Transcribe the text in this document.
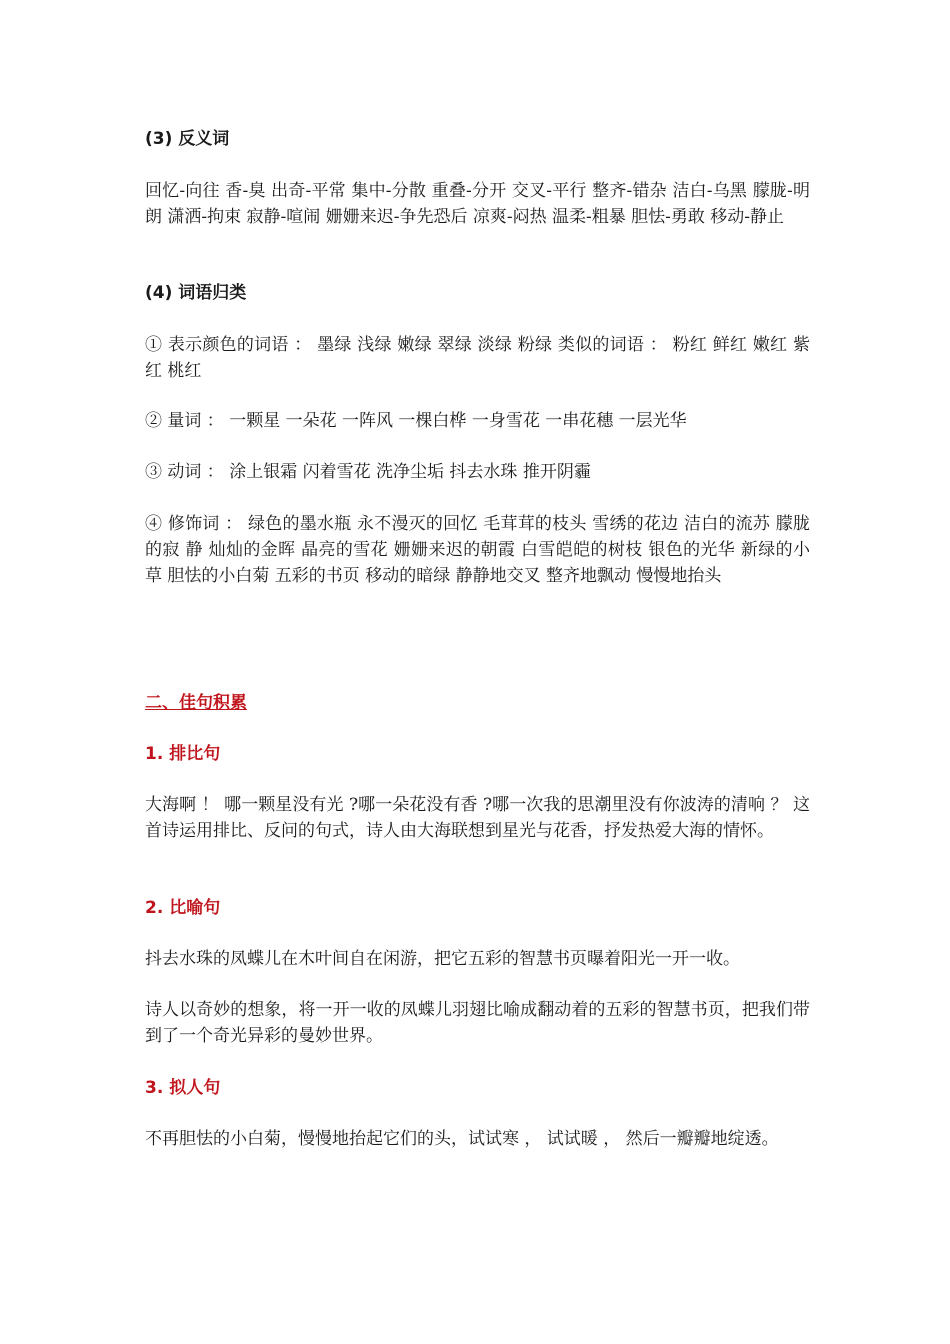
(3) 反义词

回忆-向往 香-臭 出奇-平常 集中-分散 重叠-分开 交叉-平行 整齐-错杂 洁白-乌黑 朦胧-明朗 潇洒-拘束 寂静-喧闹 姗姗来迟-争先恐后 凉爽-闷热 温柔-粗暴 胆怯-勇敢 移动-静止

(4) 词语归类

① 表示颜色的词语 ： 墨绿 浅绿 嫩绿 翠绿 淡绿 粉绿 类似的词语 ： 粉红 鲜红 嫩红 紫红 桃红

② 量词 ： 一颗星 一朵花 一阵风 一棵白桦 一身雪花 一串花穗 一层光华

③ 动词 ： 涂上银霜 闪着雪花 洗净尘垢 抖去水珠 推开阴霾

④ 修饰词 ： 绿色的墨水瓶 永不漫灭的回忆 毛茸茸的枝头 雪绣的花边 洁白的流苏 朦胧的寂 静 灿灿的金晖 晶亮的雪花 姗姗来迟的朝霞 白雪皑皑的树枝 银色的光华 新绿的小草 胆怯的小白菊 五彩的书页 移动的暗绿 静静地交叉 整齐地飘动 慢慢地抬头

二、佳句积累

1. 排比句

大海啊 ！ 哪一颗星没有光 ?哪一朵花没有香 ?哪一次我的思潮里没有你波涛的清响 ？ 这首诗运用排比、反问的句式，诗人由大海联想到星光与花香，抒发热爱大海的情怀。

2. 比喻句

抖去水珠的凤蝶儿在木叶间自在闲游，把它五彩的智慧书页曝着阳光一开一收。

诗人以奇妙的想象，将一开一收的凤蝶儿羽翅比喻成翻动着的五彩的智慧书页，把我们带到了一个奇光异彩的曼妙世界。

3. 拟人句

不再胆怯的小白菊，慢慢地抬起它们的头，试试寒 ， 试试暖 ， 然后一瓣瓣地绽透。
